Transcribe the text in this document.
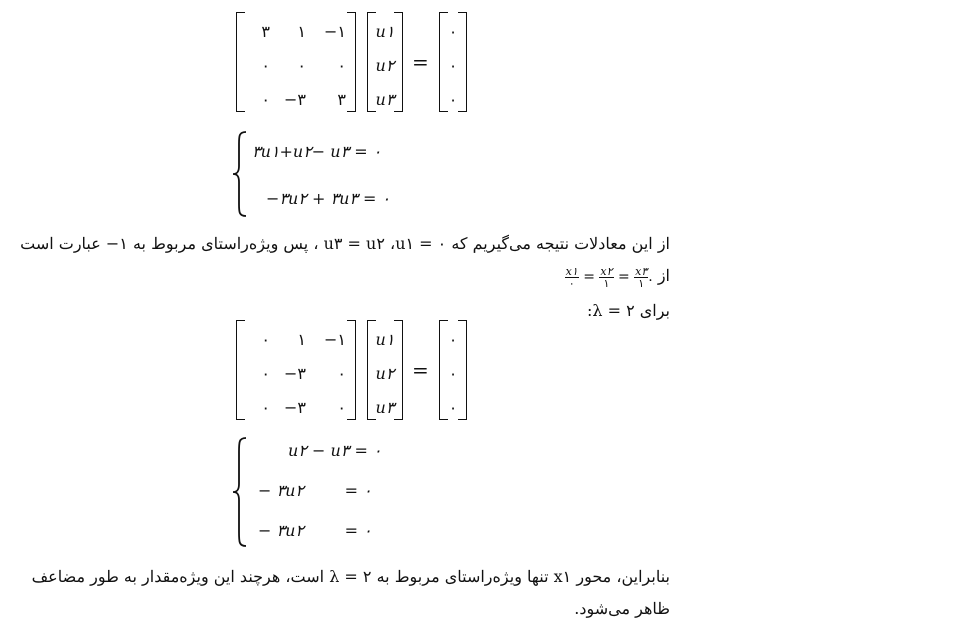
۳	۱	−۱
۰	۰	۰
۰ −۳	۳
u۱
u۲
u۳
=
۰
۰
۰
۳u۱+u۲− u۳ = ۰
−۳u۲ + ۳u۳ = ۰
از این معادلات نتیجه می‌گیریم که u۳ = u۲ ،u۱ = ۰ ، پس ویژه‌راستای مربوط به ۱− عبارت است
از
$\frac{x۱}{۰} = \frac{x۲}{۱} = \frac{x۳}{۱}$ .
برای ۲ = λ:
۰	۱	−۱
۰ −۳	۰
۰ −۳	۰
u۱
u۲
u۳
=
۰
۰
۰
u۲ − u۳ = ۰
− ۳u۲        = ۰
− ۳u۲        = ۰
بنابراین، محور x۱ تنها ویژه‌راستای مربوط به ۲ = λ است، هرچند این ویژه‌مقدار به طور مضاعف
ظاهر می‌شود.
